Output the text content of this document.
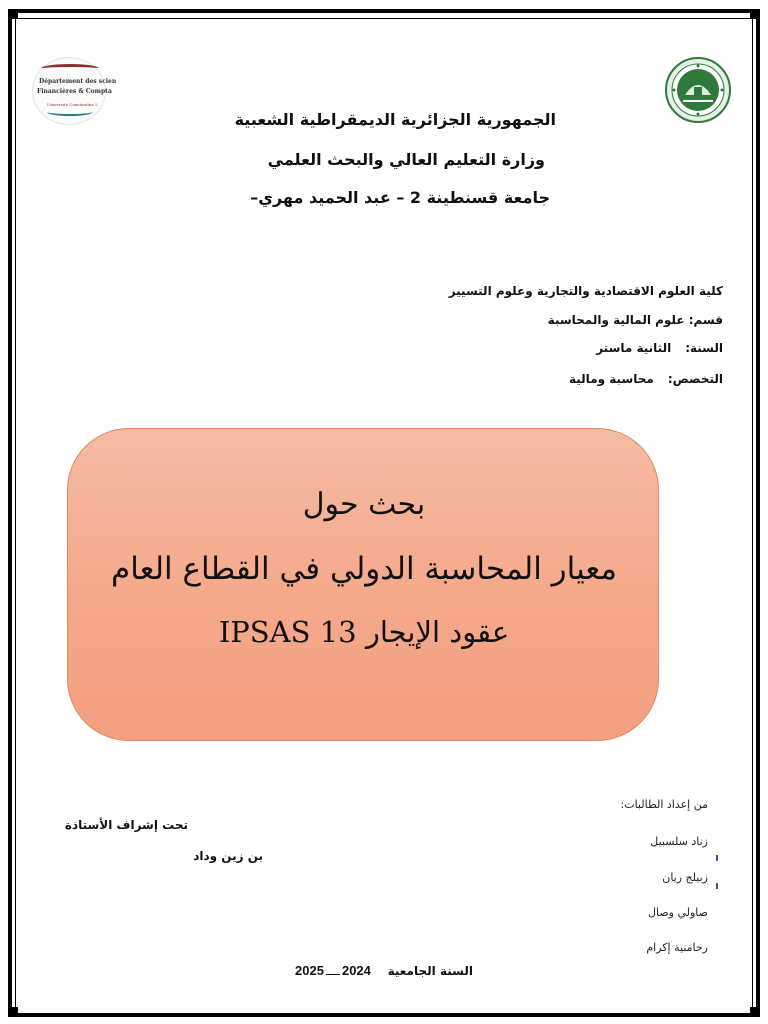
Département des scien
Financières & Compta
Université Constantine 2
الجمهورية الجزائرية الديمقراطية الشعبية
وزارة التعليم العالي والبحث العلمي
جامعة قسنطينة 2 – عبد الحميد مهري–
كلية العلوم الاقتصادية والتجارية وعلوم التسيير
قسم: علوم المالية والمحاسبة
السنة:الثانية ماستر
التخصص:محاسبة ومالية
بحث حول
معيار المحاسبة الدولي في القطاع العام
عقود الإيجار IPSAS 13
من إعداد الطالبات:
زناد سلسبيل
زبيلج ريان
صاولي وصال
رحامنية إكرام
تحت إشراف الأستاذة
بن زين وداد
2025 2024 السنة الجامعية
